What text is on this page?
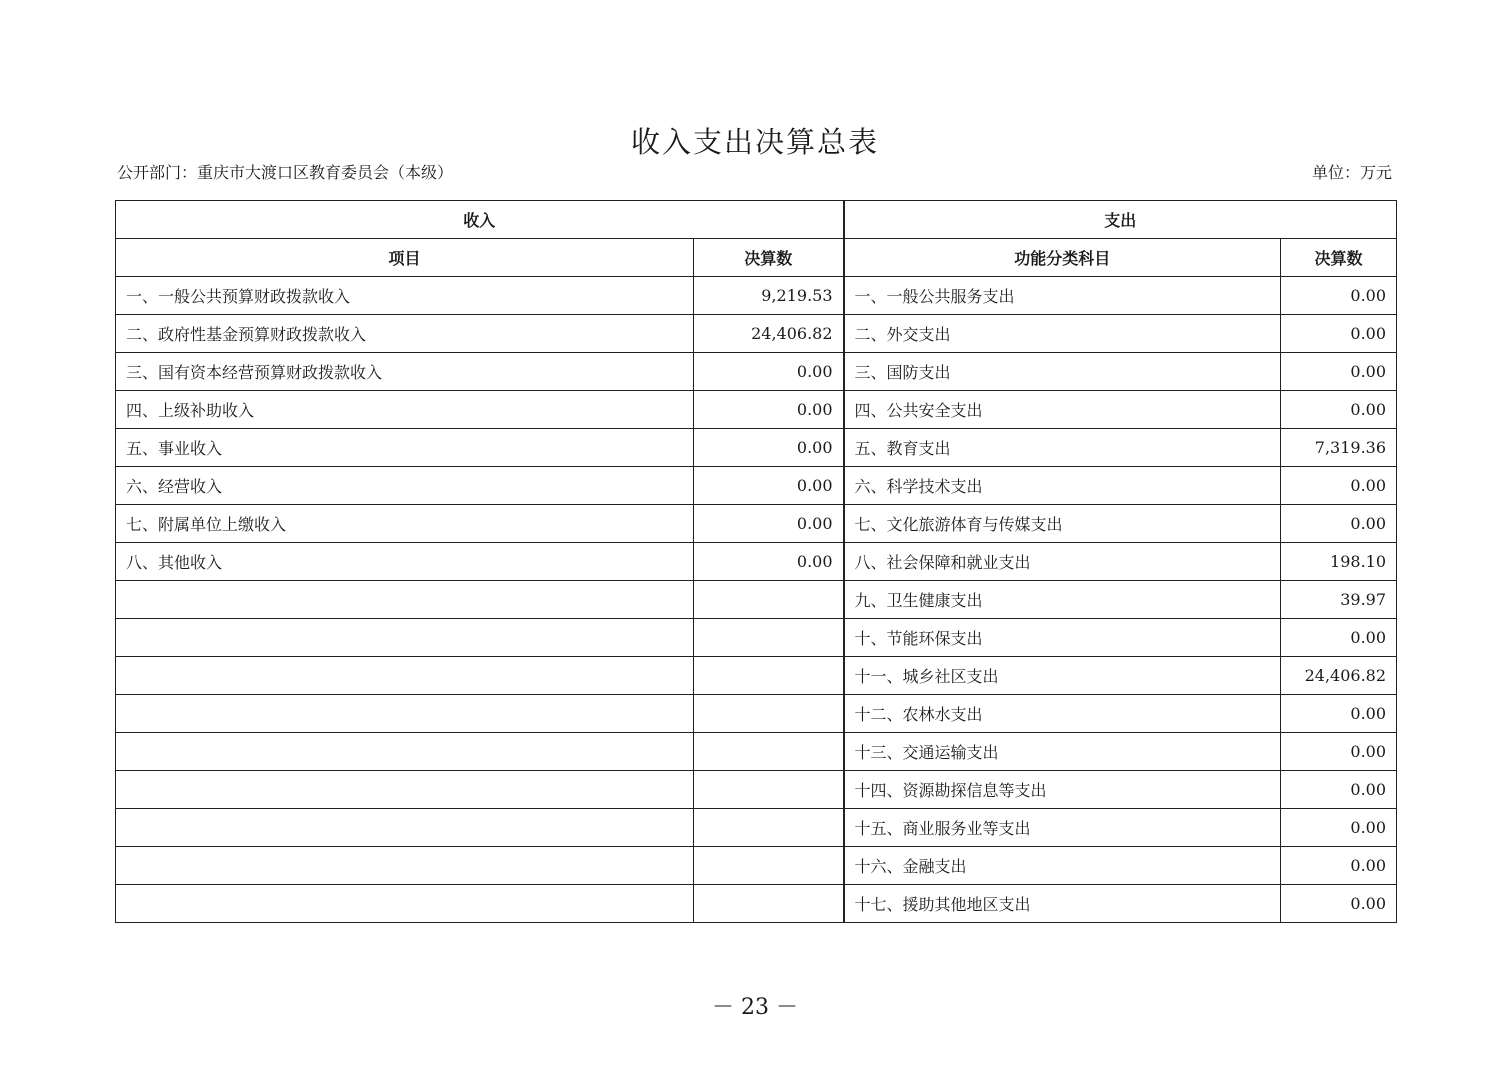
收入支出决算总表
公开部门：重庆市大渡口区教育委员会（本级）	单位：万元
收入		支出	
项目	决算数	功能分类科目	决算数
一、一般公共预算财政拨款收入	9,219.53	一、一般公共服务支出	0.00
二、政府性基金预算财政拨款收入	24,406.82	二、外交支出	0.00
三、国有资本经营预算财政拨款收入	0.00	三、国防支出	0.00
四、上级补助收入	0.00	四、公共安全支出	0.00
五、事业收入	0.00	五、教育支出	7,319.36
六、经营收入	0.00	六、科学技术支出	0.00
七、附属单位上缴收入	0.00	七、文化旅游体育与传媒支出	0.00
八、其他收入	0.00	八、社会保障和就业支出	198.10
		九、卫生健康支出	39.97
		十、节能环保支出	0.00
		十一、城乡社区支出	24,406.82
		十二、农林水支出	0.00
		十三、交通运输支出	0.00
		十四、资源勘探信息等支出	0.00
		十五、商业服务业等支出	0.00
		十六、金融支出	0.00
		十七、援助其他地区支出	0.00
－ 23 －
